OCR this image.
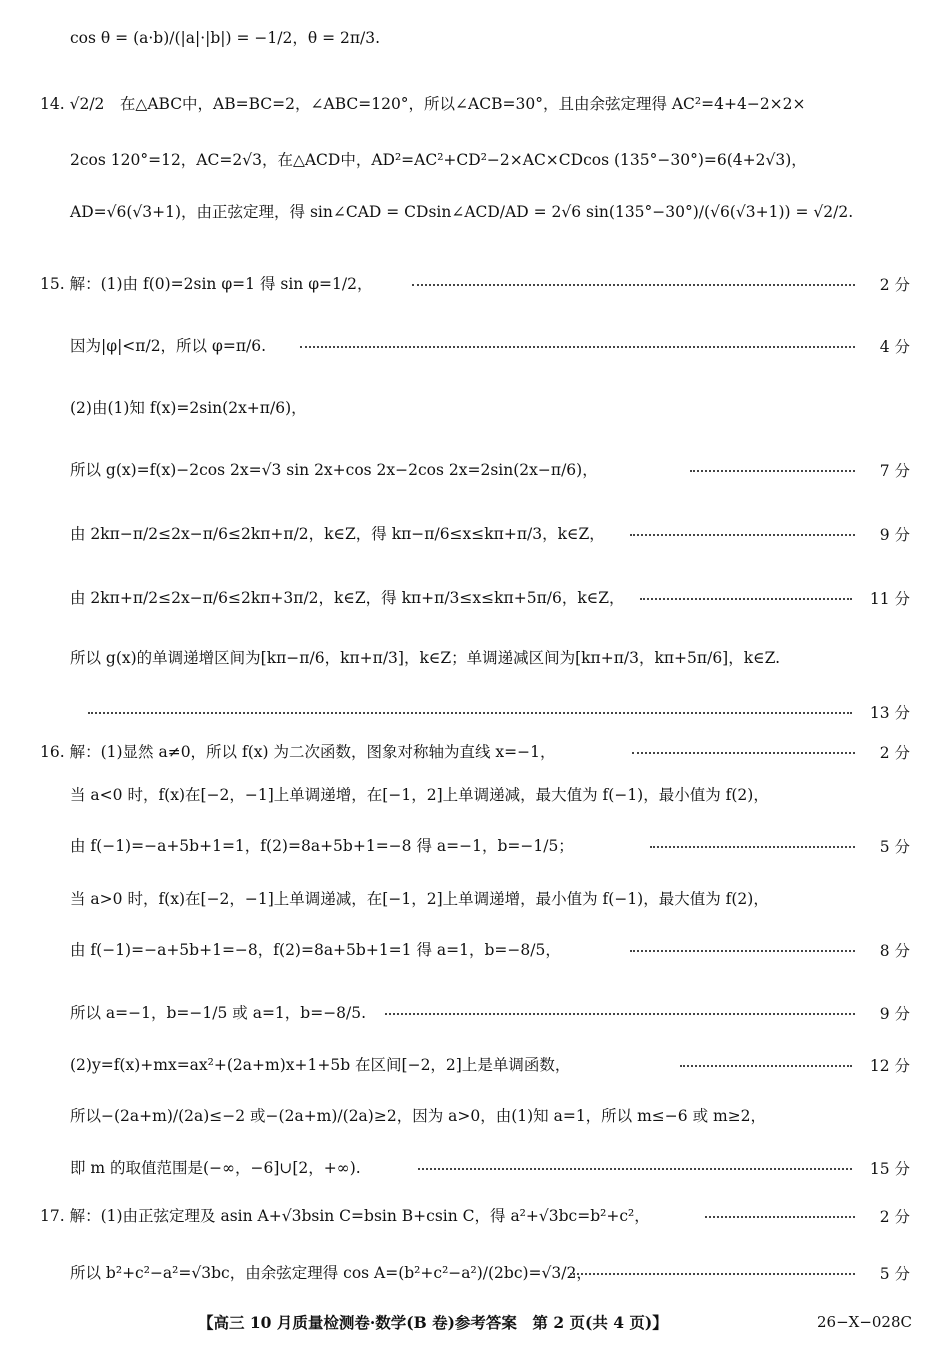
cos θ = (a·b)/(|a|·|b|) = −1/2，θ = 2π/3.
14. √2/2　在△ABC中，AB=BC=2，∠ABC=120°，所以∠ACB=30°，且由余弦定理得 AC²=4+4−2×2×
2cos 120°=12，AC=2√3，在△ACD中，AD²=AC²+CD²−2×AC×CDcos (135°−30°)=6(4+2√3)，
AD=√6(√3+1)，由正弦定理，得 sin∠CAD = CDsin∠ACD/AD = 2√6 sin(135°−30°)/(√6(√3+1)) = √2/2.
15. 解：(1)由 f(0)=2sin φ=1 得 sin φ=1/2，	2 分
因为|φ|<π/2，所以 φ=π/6.	4 分
(2)由(1)知 f(x)=2sin(2x+π/6)，
所以 g(x)=f(x)−2cos 2x=√3 sin 2x+cos 2x−2cos 2x=2sin(2x−π/6)，	7 分
由 2kπ−π/2≤2x−π/6≤2kπ+π/2，k∈Z，得 kπ−π/6≤x≤kπ+π/3，k∈Z，	9 分
由 2kπ+π/2≤2x−π/6≤2kπ+3π/2，k∈Z，得 kπ+π/3≤x≤kπ+5π/6，k∈Z，	11 分
所以 g(x)的单调递增区间为[kπ−π/6，kπ+π/3]，k∈Z；单调递减区间为[kπ+π/3，kπ+5π/6]，k∈Z.
13 分
16. 解：(1)显然 a≠0，所以 f(x) 为二次函数，图象对称轴为直线 x=−1，	2 分
当 a<0 时，f(x)在[−2，−1]上单调递增，在[−1，2]上单调递减，最大值为 f(−1)，最小值为 f(2)，
由 f(−1)=−a+5b+1=1，f(2)=8a+5b+1=−8 得 a=−1，b=−1/5；	5 分
当 a>0 时，f(x)在[−2，−1]上单调递减，在[−1，2]上单调递增，最小值为 f(−1)，最大值为 f(2)，
由 f(−1)=−a+5b+1=−8，f(2)=8a+5b+1=1 得 a=1，b=−8/5，	8 分
所以 a=−1，b=−1/5 或 a=1，b=−8/5.	9 分
(2)y=f(x)+mx=ax²+(2a+m)x+1+5b 在区间[−2，2]上是单调函数，	12 分
所以−(2a+m)/(2a)≤−2 或−(2a+m)/(2a)≥2，因为 a>0，由(1)知 a=1，所以 m≤−6 或 m≥2，
即 m 的取值范围是(−∞，−6]∪[2，+∞).	15 分
17. 解：(1)由正弦定理及 asin A+√3bsin C=bsin B+csin C，得 a²+√3bc=b²+c²，	2 分
所以 b²+c²−a²=√3bc，由余弦定理得 cos A=(b²+c²−a²)/(2bc)=√3/2，	5 分
【高三 10 月质量检测卷·数学(B 卷)参考答案　第 2 页(共 4 页)】	26−X−028C
